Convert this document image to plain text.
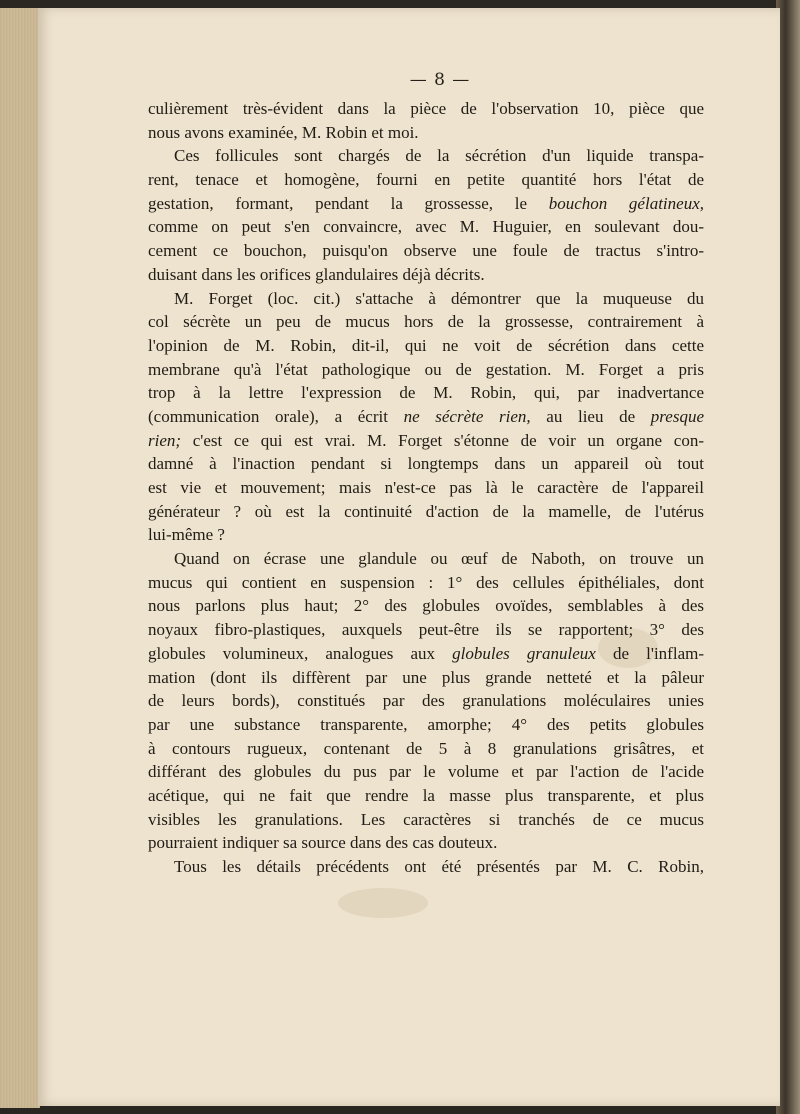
— 8 —
culièrement très-évident dans la pièce de l'observation 10, pièce que
nous avons examinée, M. Robin et moi.
Ces follicules sont chargés de la sécrétion d'un liquide transpa-
rent, tenace et homogène, fourni en petite quantité hors l'état de
gestation, formant, pendant la grossesse, le bouchon gélatineux,
comme on peut s'en convaincre, avec M. Huguier, en soulevant dou-
cement ce bouchon, puisqu'on observe une foule de tractus s'intro-
duisant dans les orifices glandulaires déjà décrits.
M. Forget (loc. cit.) s'attache à démontrer que la muqueuse du
col sécrète un peu de mucus hors de la grossesse, contrairement à
l'opinion de M. Robin, dit-il, qui ne voit de sécrétion dans cette
membrane qu'à l'état pathologique ou de gestation. M. Forget a pris
trop à la lettre l'expression de M. Robin, qui, par inadvertance
(communication orale), a écrit ne sécrète rien, au lieu de presque
rien; c'est ce qui est vrai. M. Forget s'étonne de voir un organe con-
damné à l'inaction pendant si longtemps dans un appareil où tout
est vie et mouvement; mais n'est-ce pas là le caractère de l'appareil
générateur ? où est la continuité d'action de la mamelle, de l'utérus
lui-même ?
Quand on écrase une glandule ou œuf de Naboth, on trouve un
mucus qui contient en suspension : 1° des cellules épithéliales, dont
nous parlons plus haut; 2° des globules ovoïdes, semblables à des
noyaux fibro-plastiques, auxquels peut-être ils se rapportent; 3° des
globules volumineux, analogues aux globules granuleux de l'inflam-
mation (dont ils diffèrent par une plus grande netteté et la pâleur
de leurs bords), constitués par des granulations moléculaires unies
par une substance transparente, amorphe; 4° des petits globules
à contours rugueux, contenant de 5 à 8 granulations grisâtres, et
différant des globules du pus par le volume et par l'action de l'acide
acétique, qui ne fait que rendre la masse plus transparente, et plus
visibles les granulations. Les caractères si tranchés de ce mucus
pourraient indiquer sa source dans des cas douteux.
Tous les détails précédents ont été présentés par M. C. Robin,
